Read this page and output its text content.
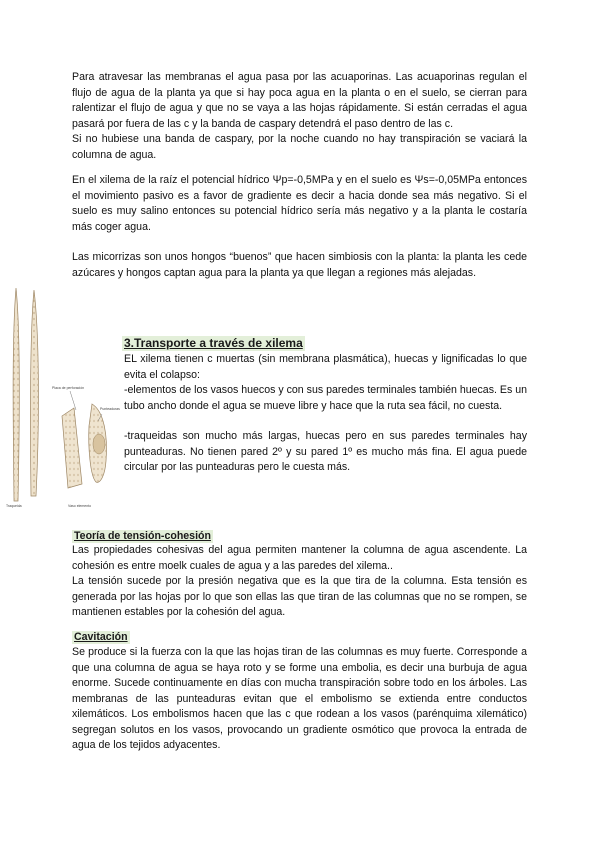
Para atravesar las membranas el agua pasa por las acuaporinas. Las acuaporinas regulan el flujo de agua de la planta ya que si hay poca agua en la planta o en el suelo, se cierran para ralentizar el flujo de agua y que no se vaya a las hojas rápidamente. Si están cerradas el agua pasará por fuera de las c y la banda de caspary detendrá el paso dentro de las c.

Si no hubiese una banda de caspary, por la noche cuando no hay transpiración se vaciará la columna de agua.

En el xilema de la raíz el potencial hídrico Ψp=-0,5MPa y en el suelo es Ψs=-0,05MPa entonces el movimiento pasivo es a favor de gradiente es decir a hacia donde sea más negativo. Si el suelo es muy salino entonces su potencial hídrico sería más negativo y a la planta le costaría más coger agua.

Las micorrizas son unos hongos “buenos” que hacen simbiosis con la planta: la planta les cede azúcares y hongos captan agua para la planta ya que llegan a regiones más alejadas.

Placa de perforación
Punteaduras
Traqueida	Vaso elemento
3.Transporte a través de xilema

EL xilema tienen c muertas (sin membrana plasmática), huecas y lignificadas lo que evita el colapso:

-elementos de los vasos huecos y con sus paredes terminales también huecas. Es un tubo ancho donde el agua se mueve libre y hace que la ruta sea fácil, no cuesta.

-traqueidas son mucho más largas, huecas pero en sus paredes terminales hay punteaduras. No tienen pared 2º y su pared 1º es mucho más fina. El agua puede circular por las punteaduras pero le cuesta más.

Teoría de tensión-cohesión

Las propiedades cohesivas del agua permiten mantener la columna de agua ascendente. La cohesión es entre moelk cuales de agua y a las paredes del xilema..

La tensión sucede por la presión negativa que es la que tira de la columna. Esta tensión es generada por las hojas por lo que son ellas las que tiran de las columnas que no se rompen, se mantienen estables por la cohesión del agua.

Cavitación

Se produce si la fuerza con la que las hojas tiran de las columnas es muy fuerte. Corresponde a que una columna de agua se haya roto y se forme una embolia, es decir una burbuja de agua enorme. Sucede continuamente en días con mucha transpiración sobre todo en los árboles. Las membranas de las punteaduras evitan que el embolismo se extienda entre conductos xilemáticos. Los embolismos hacen que las c que rodean a los vasos (parénquima xilemático) segregan solutos en los vasos, provocando un gradiente osmótico que provoca la entrada de agua de los tejidos adyacentes.
